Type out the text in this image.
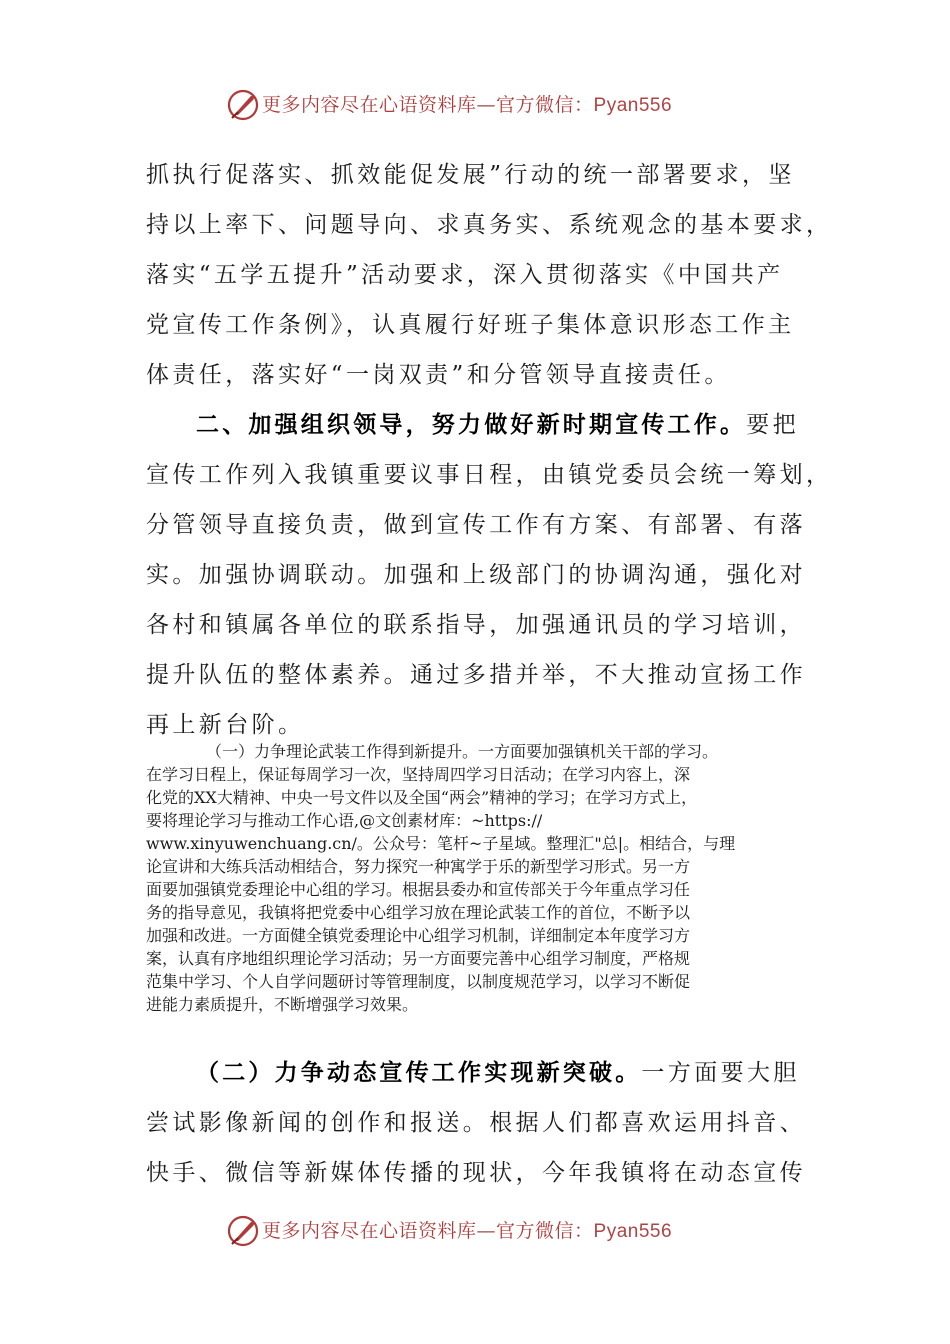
更多内容尽在心语资料库—官方微信：Pyan556
抓执行促落实、抓效能促发展”行动的统一部署要求，坚
持以上率下、问题导向、求真务实、系统观念的基本要求，
落实“五学五提升”活动要求，深入贯彻落实《中国共产
党宣传工作条例》，认真履行好班子集体意识形态工作主
体责任，落实好“一岗双责”和分管领导直接责任。
二、加强组织领导，努力做好新时期宣传工作。要把
宣传工作列入我镇重要议事日程，由镇党委员会统一筹划，
分管领导直接负责，做到宣传工作有方案、有部署、有落
实。加强协调联动。加强和上级部门的协调沟通，强化对
各村和镇属各单位的联系指导，加强通讯员的学习培训，
提升队伍的整体素养。通过多措并举，不大推动宣扬工作
再上新台阶。
（一）力争理论武装工作得到新提升。一方面要加强镇机关干部的学习。
在学习日程上，保证每周学习一次，坚持周四学习日活动；在学习内容上，深
化党的XX大精神、中央一号文件以及全国“两会”精神的学习；在学习方式上，
要将理论学习与推动工作心语,@文创素材库：~https://
www.xinyuwenchuang.cn/。公众号：笔杆~子星域。整理汇"总|。相结合，与理
论宣讲和大练兵活动相结合，努力探究一种寓学于乐的新型学习形式。另一方
面要加强镇党委理论中心组的学习。根据县委办和宣传部关于今年重点学习任
务的指导意见，我镇将把党委中心组学习放在理论武装工作的首位，不断予以
加强和改进。一方面健全镇党委理论中心组学习机制，详细制定本年度学习方
案，认真有序地组织理论学习活动；另一方面要完善中心组学习制度，严格规
范集中学习、个人自学问题研讨等管理制度，以制度规范学习，以学习不断促
进能力素质提升，不断增强学习效果。
（二）力争动态宣传工作实现新突破。一方面要大胆
尝试影像新闻的创作和报送。根据人们都喜欢运用抖音、
快手、微信等新媒体传播的现状，今年我镇将在动态宣传
更多内容尽在心语资料库—官方微信：Pyan556
